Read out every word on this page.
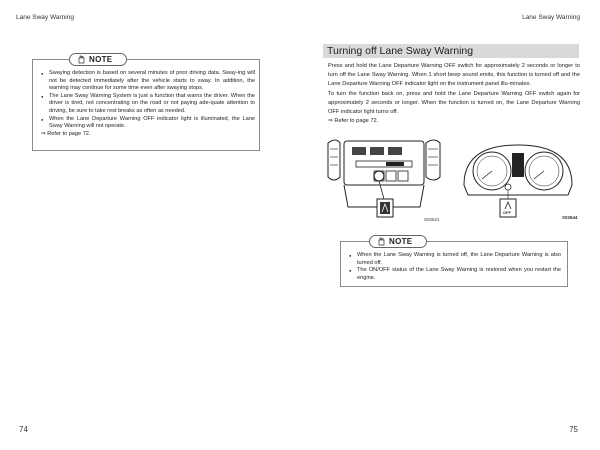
Lane Sway Warning	Lane Sway Warning
NOTE
● Swaying detection is based on several minutes of prior driving data. Sway-ing will not be detected immediately after the vehicle starts to sway. In addition, the warning may continue for some time even after swaying stops.
● The Lane Sway Warning System is just a function that warns the driver. When the driver is tired, not concentrating on the road or not paying ade-quate attention to driving, be sure to take rest breaks as often as needed.
● When the Lane Departure Warning OFF indicator light is illuminated, the Lane Sway Warning will not operate.
⇒ Refer to page 72.
Turning off Lane Sway Warning

Press and hold the Lane Departure Warning OFF switch for approximately 2 seconds or longer to turn off the Lane Sway Warning. When 1 short beep sound emits, this function is turned off and the Lane Departure Warning OFF indicator light on the instrument panel illu-minates.

To turn the function back on, press and hold the Lane Departure Warning OFF switch again for approximately 2 seconds or longer. When the function is turned on, the Lane Departure Warning OFF indicator light turns off.

⇒ Refer to page 72.

S02621
OFF
S02644
NOTE
● When the Lane Sway Warning is turned off, the Lane Departure Warning is also turned off.
● The ON/OFF status of the Lane Sway Warning is restored when you restart the engine.
74	75
